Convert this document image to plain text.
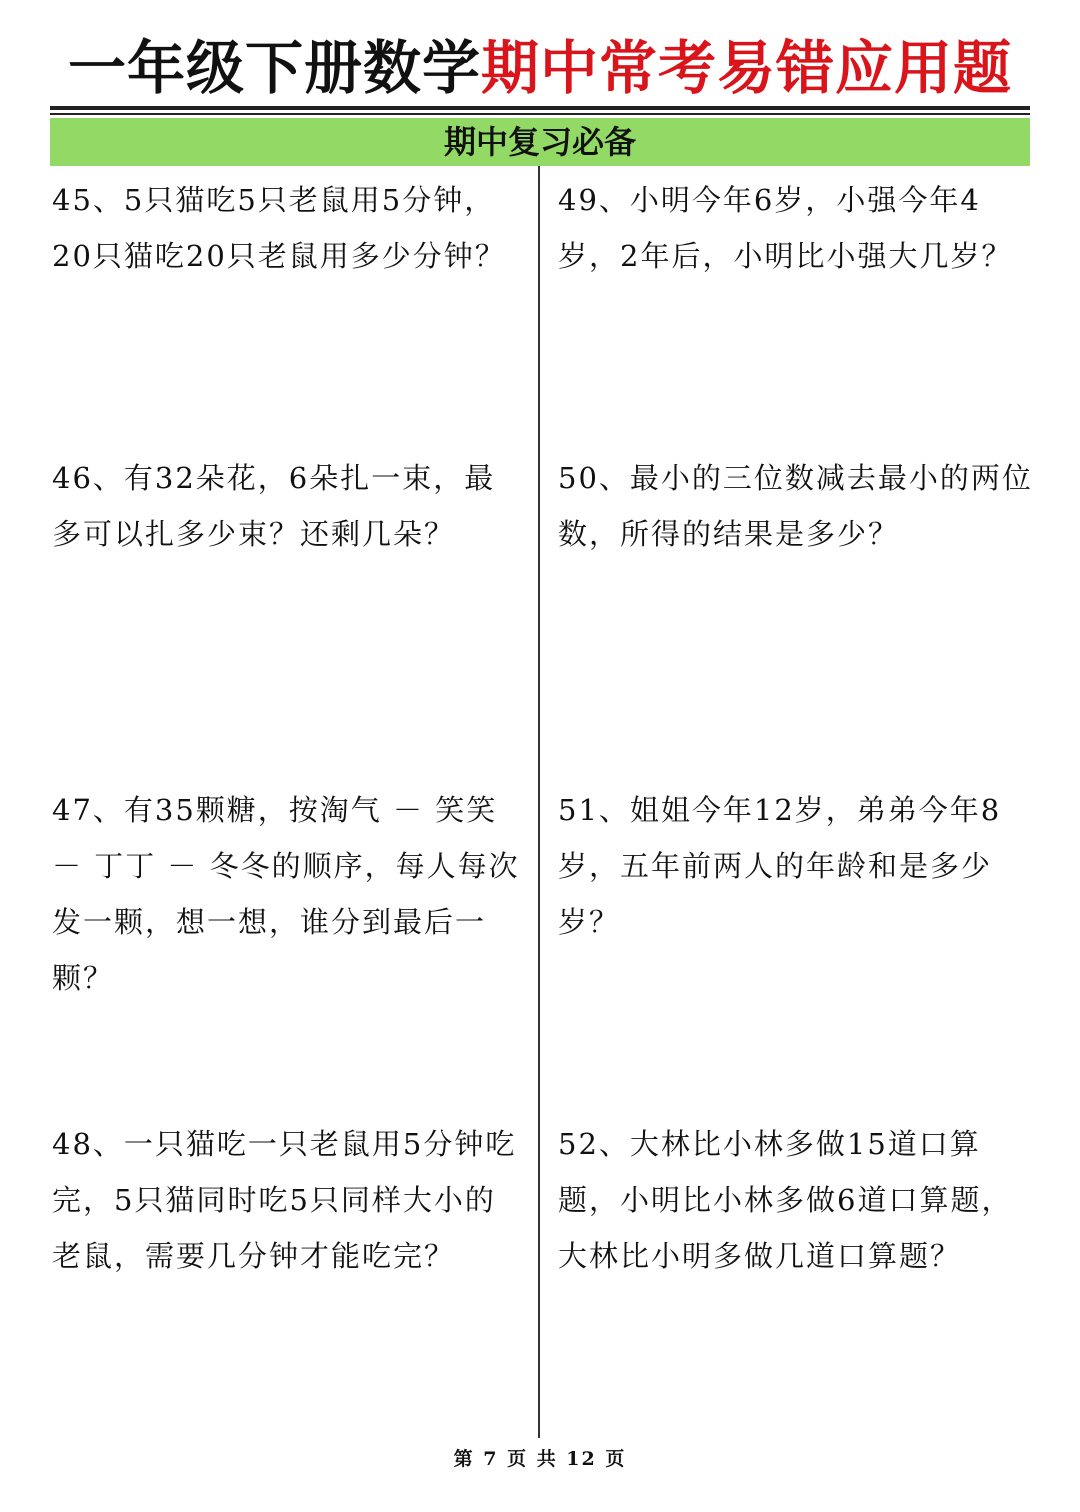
一年级下册数学期中常考易错应用题
期中复习必备

45、5只猫吃5只老鼠用5分钟，20只猫吃20只老鼠用多少分钟？

46、有32朵花，6朵扎一束，最多可以扎多少束？还剩几朵？

47、有35颗糖，按淘气 － 笑笑 － 丁丁 － 冬冬的顺序，每人每次发一颗，想一想，谁分到最后一颗？

48、一只猫吃一只老鼠用5分钟吃完，5只猫同时吃5只同样大小的老鼠，需要几分钟才能吃完？

49、小明今年6岁，小强今年4岁，2年后，小明比小强大几岁？

50、最小的三位数减去最小的两位数，所得的结果是多少？

51、姐姐今年12岁，弟弟今年8岁，五年前两人的年龄和是多少岁？

52、大林比小林多做15道口算题，小明比小林多做6道口算题，大林比小明多做几道口算题？

第 7 页 共 12 页
